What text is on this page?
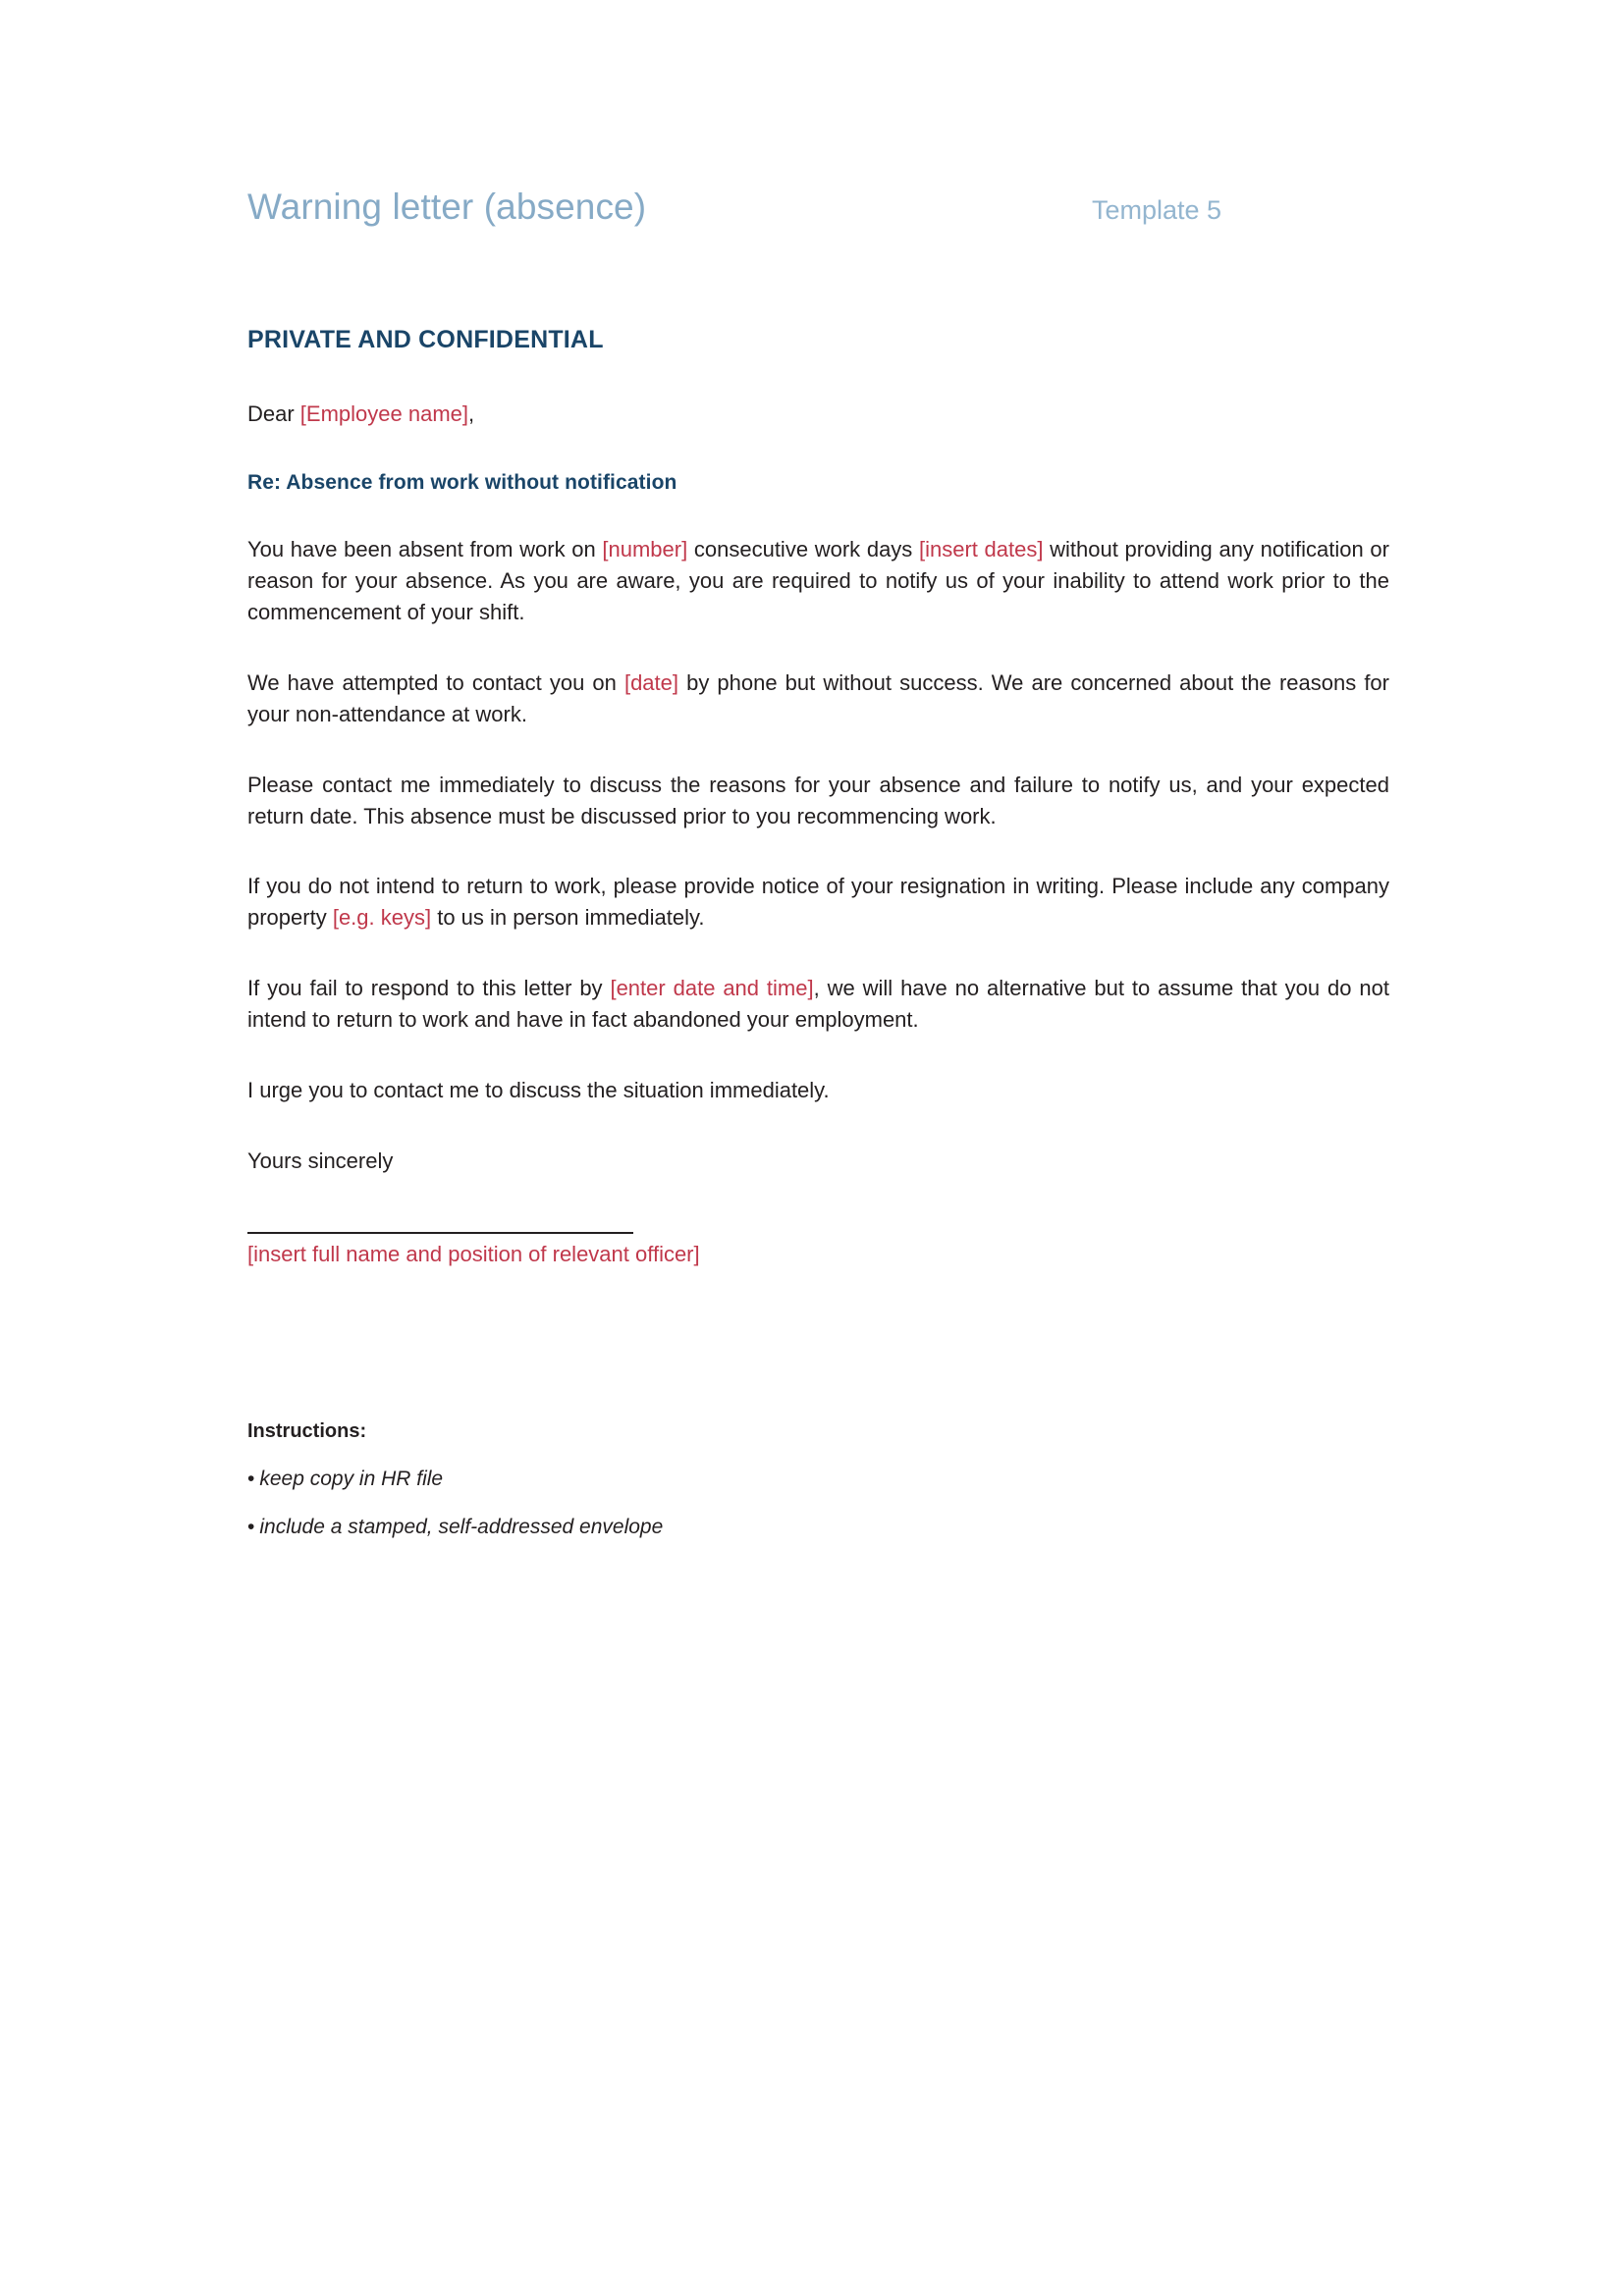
Warning letter (absence)	Template 5
PRIVATE AND CONFIDENTIAL
Dear [Employee name],
Re: Absence from work without notification

You have been absent from work on [number] consecutive work days [insert dates] without providing any notification or reason for your absence. As you are aware, you are required to notify us of your inability to attend work prior to the commencement of your shift.

We have attempted to contact you on [date] by phone but without success. We are concerned about the reasons for your non-attendance at work.

Please contact me immediately to discuss the reasons for your absence and failure to notify us, and your expected return date. This absence must be discussed prior to you recommencing work.

If you do not intend to return to work, please provide notice of your resignation in writing. Please include any company property [e.g. keys] to us in person immediately.

If you fail to respond to this letter by [enter date and time], we will have no alternative but to assume that you do not intend to return to work and have in fact abandoned your employment.

I urge you to contact me to discuss the situation immediately.

Yours sincerely
[insert full name and position of relevant officer]
Instructions:
• keep copy in HR file
• include a stamped, self-addressed envelope
